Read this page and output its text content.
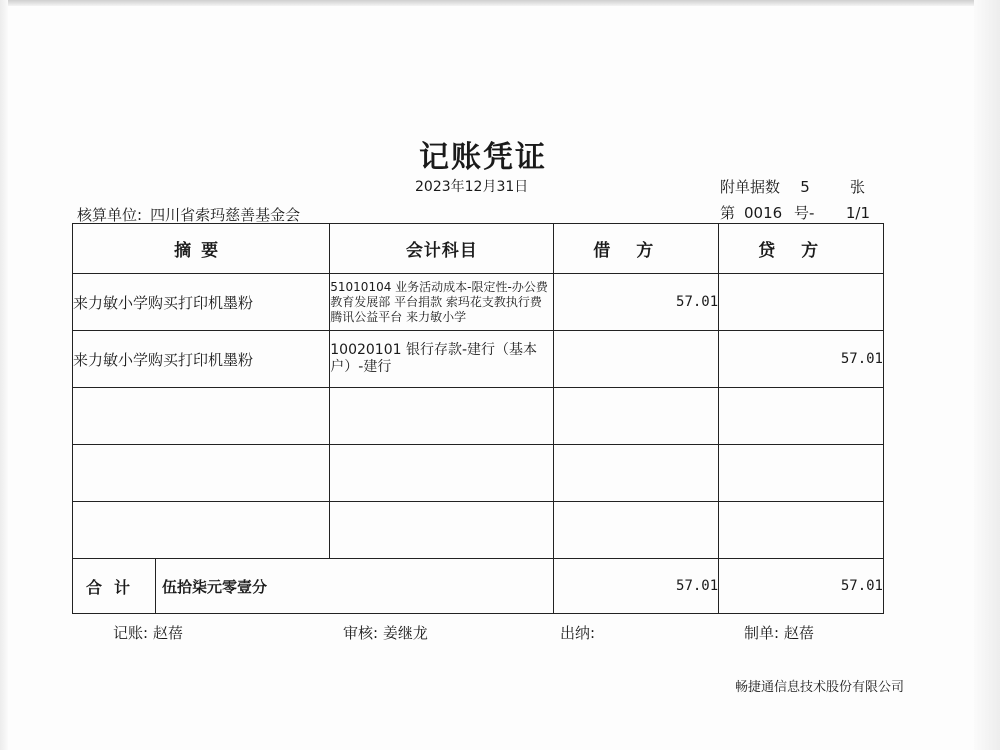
记账凭证
2023年12月31日
核算单位: 四川省索玛慈善基金会
附单据数 5	张
第 0016 号- 1/1
摘要	会计科目	借方	贷方
来力敏小学购买打印机墨粉	51010104 业务活动成本-限定性-办公费 教育发展部 平台捐款 索玛花支教执行费 腾讯公益平台 来力敏小学	57.01	
来力敏小学购买打印机墨粉	10020101 银行存款-建行（基本户）-建行		57.01

合计 伍拾柒元零壹分		57.01	57.01
记账: 赵蓓	审核: 姜继龙	出纳:	制单: 赵蓓
畅捷通信息技术股份有限公司
